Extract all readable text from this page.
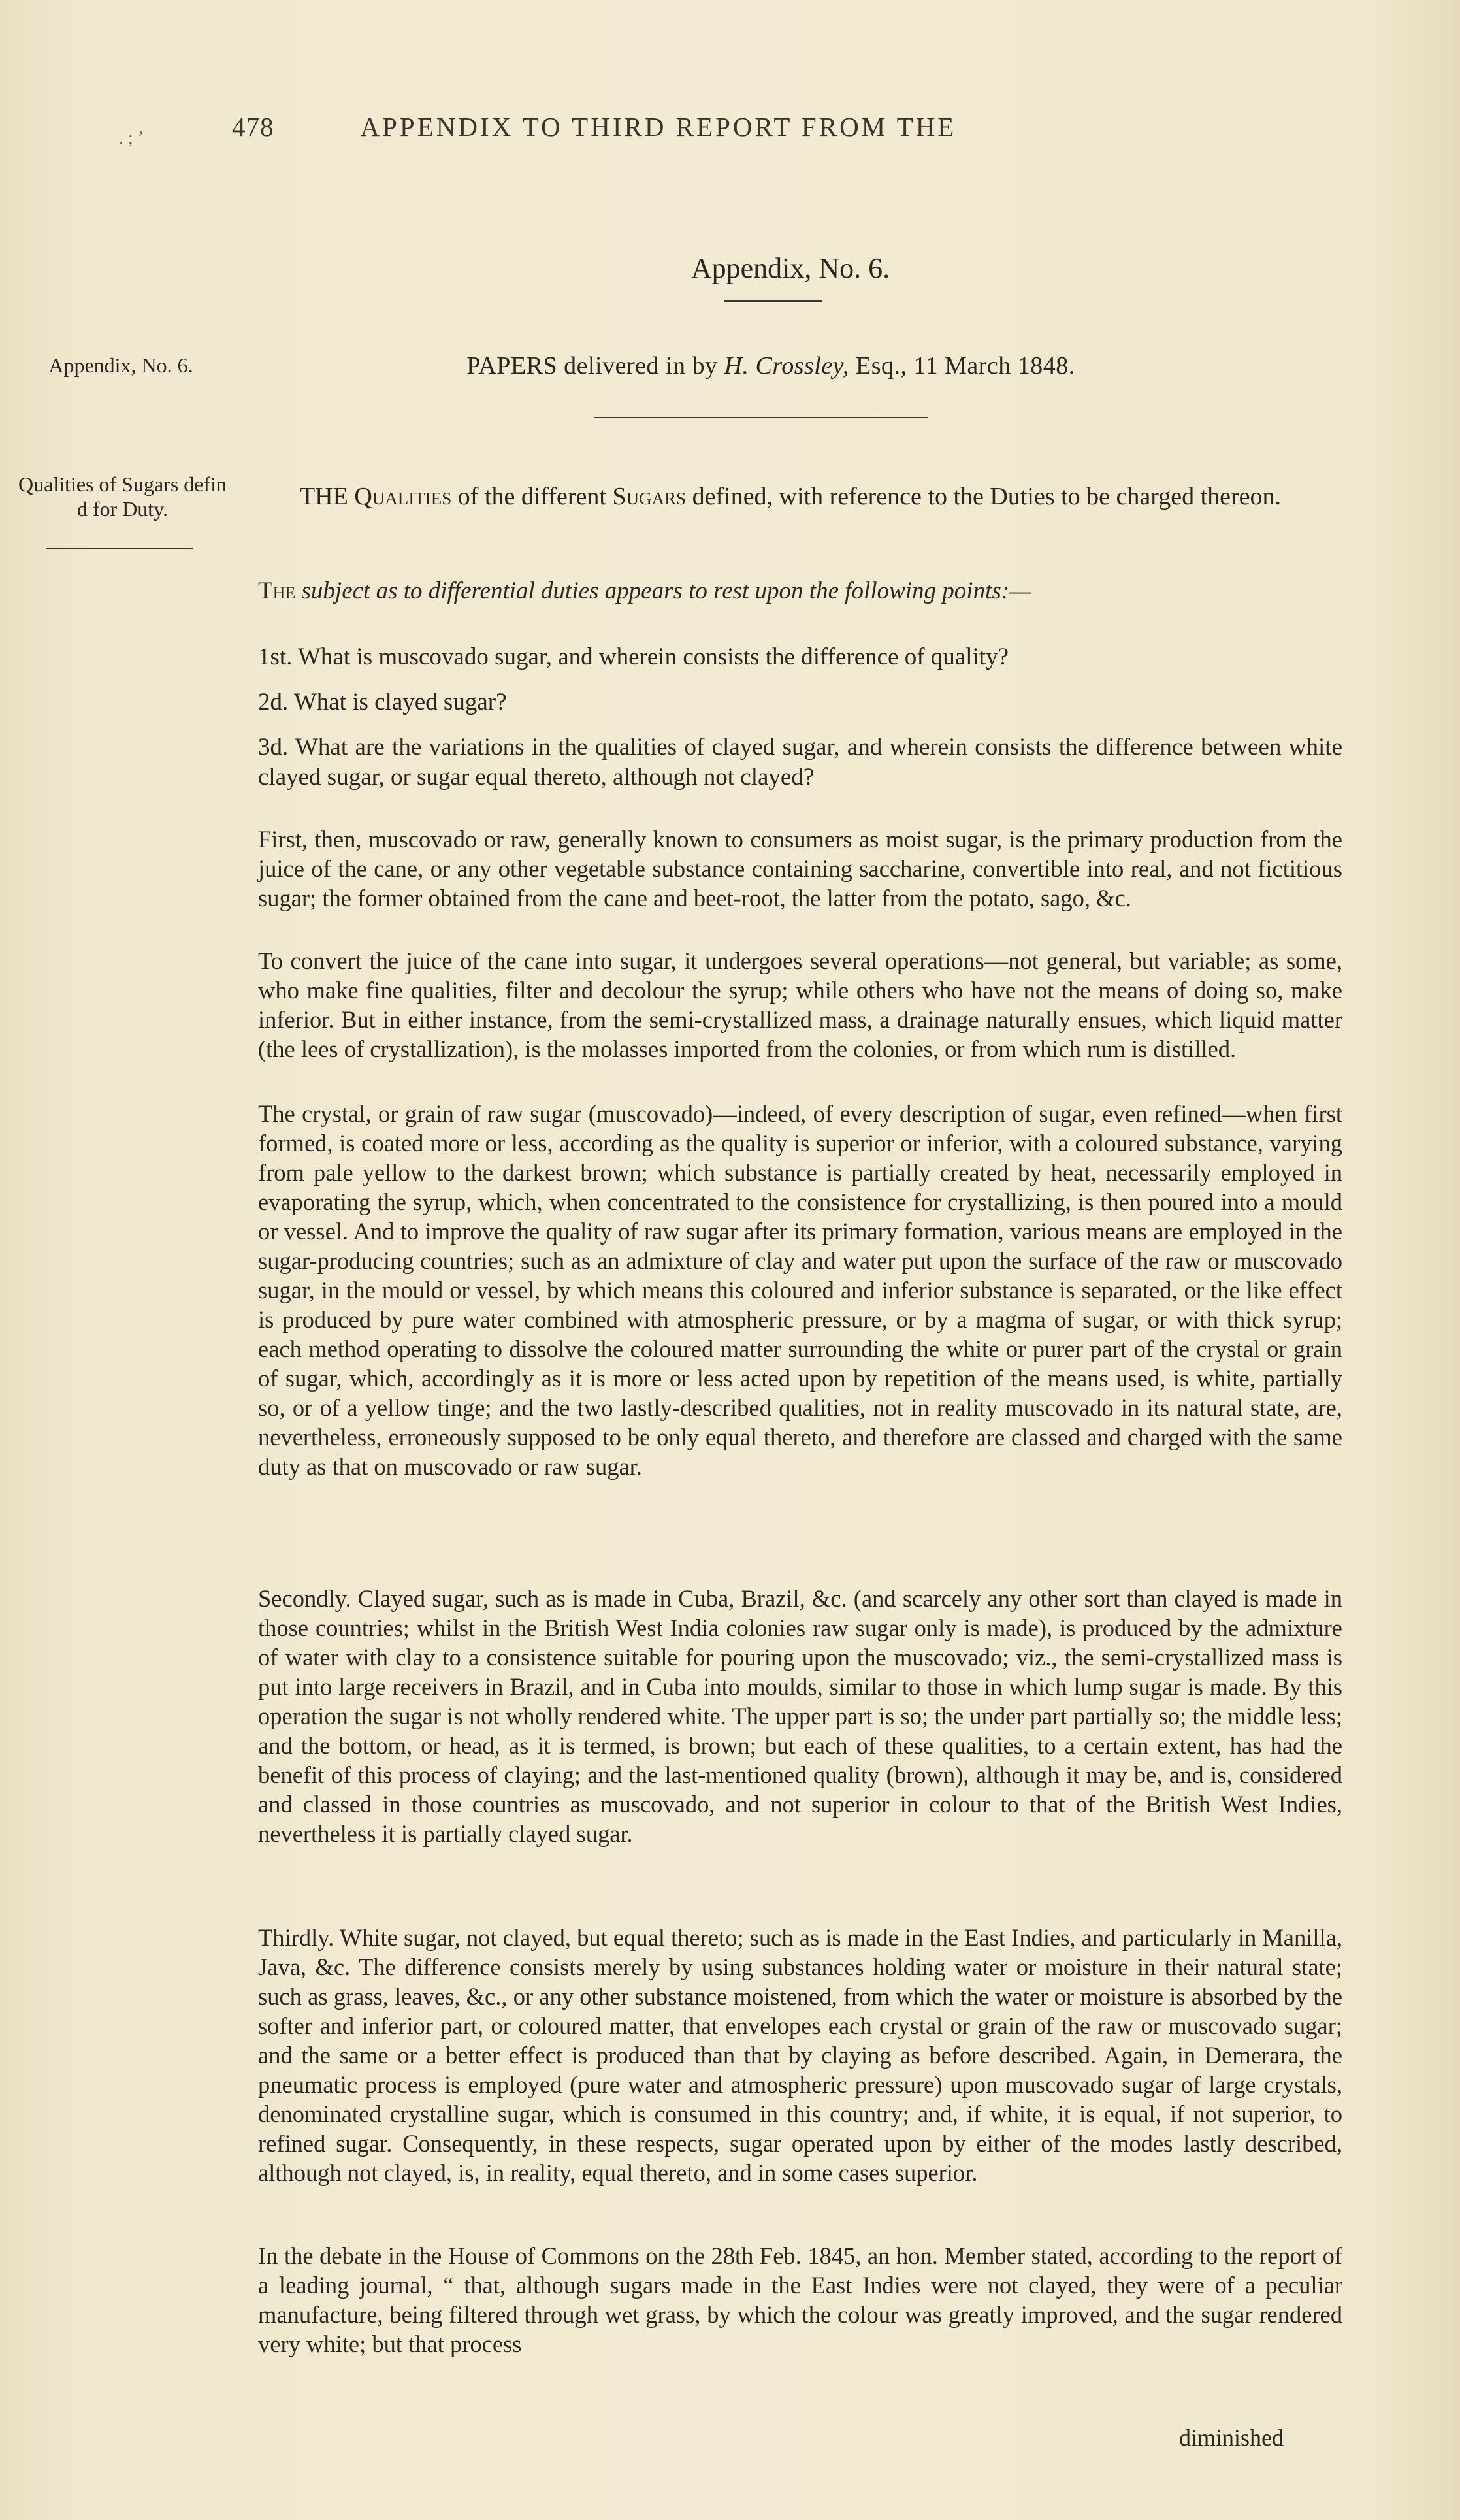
. ; ’	478	APPENDIX TO THIRD REPORT FROM THE
Appendix, No. 6.
Appendix, No. 6.	PAPERS delivered in by H. Crossley, Esq., 11 March 1848.
Qualities of Sugars defin d for Duty.	THE Qualities of the different Sugars defined, with reference to the Duties to be charged thereon.
The subject as to differential duties appears to rest upon the following points:—
1st. What is muscovado sugar, and wherein consists the difference of quality?
2d. What is clayed sugar?
3d. What are the variations in the qualities of clayed sugar, and wherein consists the difference between white clayed sugar, or sugar equal thereto, although not clayed?

First, then, muscovado or raw, generally known to consumers as moist sugar, is the primary production from the juice of the cane, or any other vegetable substance containing saccharine, convertible into real, and not fictitious sugar; the former obtained from the cane and beet-root, the latter from the potato, sago, &c.

To convert the juice of the cane into sugar, it undergoes several operations—not general, but variable; as some, who make fine qualities, filter and decolour the syrup; while others who have not the means of doing so, make inferior. But in either instance, from the semi-crystallized mass, a drainage naturally ensues, which liquid matter (the lees of crystallization), is the molasses imported from the colonies, or from which rum is distilled.

The crystal, or grain of raw sugar (muscovado)—indeed, of every description of sugar, even refined—when first formed, is coated more or less, according as the quality is superior or inferior, with a coloured substance, varying from pale yellow to the darkest brown; which substance is partially created by heat, necessarily employed in evaporating the syrup, which, when concentrated to the consistence for crystallizing, is then poured into a mould or vessel. And to improve the quality of raw sugar after its primary formation, various means are employed in the sugar-producing countries; such as an admixture of clay and water put upon the surface of the raw or muscovado sugar, in the mould or vessel, by which means this coloured and inferior substance is separated, or the like effect is produced by pure water combined with atmospheric pressure, or by a magma of sugar, or with thick syrup; each method operating to dissolve the coloured matter surrounding the white or purer part of the crystal or grain of sugar, which, accordingly as it is more or less acted upon by repetition of the means used, is white, partially so, or of a yellow tinge; and the two lastly-described qualities, not in reality muscovado in its natural state, are, nevertheless, erroneously supposed to be only equal thereto, and therefore are classed and charged with the same duty as that on muscovado or raw sugar.

Secondly. Clayed sugar, such as is made in Cuba, Brazil, &c. (and scarcely any other sort than clayed is made in those countries; whilst in the British West India colonies raw sugar only is made), is produced by the admixture of water with clay to a consistence suitable for pouring upon the muscovado; viz., the semi-crystallized mass is put into large receivers in Brazil, and in Cuba into moulds, similar to those in which lump sugar is made. By this operation the sugar is not wholly rendered white. The upper part is so; the under part partially so; the middle less; and the bottom, or head, as it is termed, is brown; but each of these qualities, to a certain extent, has had the benefit of this process of claying; and the last-mentioned quality (brown), although it may be, and is, considered and classed in those countries as muscovado, and not superior in colour to that of the British West Indies, nevertheless it is partially clayed sugar.

Thirdly. White sugar, not clayed, but equal thereto; such as is made in the East Indies, and particularly in Manilla, Java, &c. The difference consists merely by using substances holding water or moisture in their natural state; such as grass, leaves, &c., or any other substance moistened, from which the water or moisture is absorbed by the softer and inferior part, or coloured matter, that envelopes each crystal or grain of the raw or muscovado sugar; and the same or a better effect is produced than that by claying as before described. Again, in Demerara, the pneumatic process is employed (pure water and atmospheric pressure) upon muscovado sugar of large crystals, denominated crystalline sugar, which is consumed in this country; and, if white, it is equal, if not superior, to refined sugar. Consequently, in these respects, sugar operated upon by either of the modes lastly described, although not clayed, is, in reality, equal thereto, and in some cases superior.

In the debate in the House of Commons on the 28th Feb. 1845, an hon. Member stated, according to the report of a leading journal, “ that, although sugars made in the East Indies were not clayed, they were of a peculiar manufacture, being filtered through wet grass, by which the colour was greatly improved, and the sugar rendered very white; but that process

diminished
